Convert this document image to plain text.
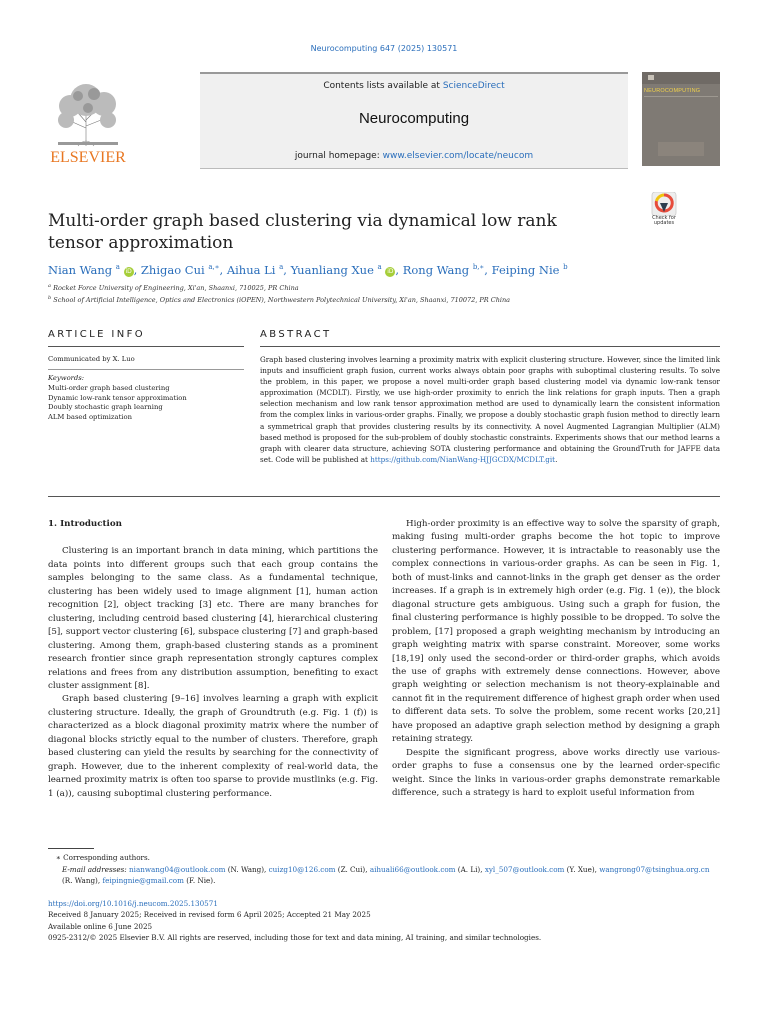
Neurocomputing 647 (2025) 130571
Contents lists available at ScienceDirect
Neurocomputing
journal homepage: www.elsevier.com/locate/neucom
ELSEVIER
NEUROCOMPUTING
Multi-order graph based clustering via dynamical low rank tensor approximation
Check for updates
Nian Wang $^a$ iD , Zhigao Cui $^{a,∗}$, Aihua Li $^a$, Yuanliang Xue $^a$ iD , Rong Wang $^{b,∗}$, Feiping Nie $^b$
$^a$ Rocket Force University of Engineering, Xi'an, Shaanxi, 710025, PR China
$^b$ School of Artificial Intelligence, Optics and Electronics (iOPEN), Northwestern Polytechnical University, Xi'an, Shaanxi, 710072, PR China
ARTICLE INFO	ABSTRACT
Communicated by X. Luo
Keywords:
Multi-order graph based clustering
Dynamic low-rank tensor approximation
Doubly stochastic graph learning
ALM based optimization
Graph based clustering involves learning a proximity matrix with explicit clustering structure. However, since the limited link inputs and insufficient graph fusion, current works always obtain poor graphs with suboptimal clustering results. To solve the problem, in this paper, we propose a novel multi-order graph based clustering model via dynamic low-rank tensor approximation (MCDLT). Firstly, we use high-order proximity to enrich the link relations for graph inputs. Then a graph selection mechanism and low rank tensor approximation method are used to dynamically learn the consistent information from the complex links in various-order graphs. Finally, we propose a doubly stochastic graph fusion method to directly learn a symmetrical graph that provides clustering results by its connectivity. A novel Augmented Lagrangian Multiplier (ALM) based method is proposed for the sub-problem of doubly stochastic constraints. Experiments shows that our method learns a graph with clearer data structure, achieving SOTA clustering performance and obtaining the GroundTruth for JAFFE data set. Code will be published at https://github.com/NianWang-HJJGCDX/MCDLT.git.
1. Introduction

Clustering is an important branch in data mining, which partitions the data points into different groups such that each group contains the samples belonging to the same class. As a fundamental technique, clustering has been widely used to image alignment [1], human action recognition [2], object tracking [3] etc. There are many branches for clustering, including centroid based clustering [4], hierarchical clustering [5], support vector clustering [6], subspace clustering [7] and graph-based clustering. Among them, graph-based clustering stands as a prominent research frontier since graph representation strongly captures complex relations and frees from any distribution assumption, benefiting to exact cluster assignment [8].

Graph based clustering [9–16] involves learning a graph with explicit clustering structure. Ideally, the graph of Groundtruth (e.g. Fig. 1 (f)) is characterized as a block diagonal proximity matrix where the number of diagonal blocks strictly equal to the number of clusters. Therefore, graph based clustering can yield the results by searching for the connectivity of graph. However, due to the inherent complexity of real-world data, the learned proximity matrix is often too sparse to provide mustlinks (e.g. Fig. 1 (a)), causing suboptimal clustering performance.

High-order proximity is an effective way to solve the sparsity of graph, making fusing multi-order graphs become the hot topic to improve clustering performance. However, it is intractable to reasonably use the complex connections in various-order graphs. As can be seen in Fig. 1, both of must-links and cannot-links in the graph get denser as the order increases. If a graph is in extremely high order (e.g. Fig. 1 (e)), the block diagonal structure gets ambiguous. Using such a graph for fusion, the final clustering performance is highly possible to be dropped. To solve the problem, [17] proposed a graph weighting mechanism by introducing an graph weighting matrix with sparse constraint. Moreover, some works [18,19] only used the second-order or third-order graphs, which avoids the use of graphs with extremely dense connections. However, above graph weighting or selection mechanism is not theory-explainable and cannot fit in the requirement difference of highest graph order when used to different data sets. To solve the problem, some recent works [20,21] have proposed an adaptive graph selection method by designing a graph retaining strategy.

Despite the significant progress, above works directly use various-order graphs to fuse a consensus one by the learned order-specific weight. Since the links in various-order graphs demonstrate remarkable difference, such a strategy is hard to exploit useful information from

∗ Corresponding authors.
E-mail addresses: nianwang04@outlook.com (N. Wang), cuizg10@126.com (Z. Cui), aihuali66@outlook.com (A. Li), xyl_507@outlook.com (Y. Xue), wangrong07@tsinghua.org.cn (R. Wang), feipingnie@gmail.com (F. Nie).
https://doi.org/10.1016/j.neucom.2025.130571
Received 8 January 2025; Received in revised form 6 April 2025; Accepted 21 May 2025
Available online 6 June 2025
0925-2312/© 2025 Elsevier B.V. All rights are reserved, including those for text and data mining, AI training, and similar technologies.
